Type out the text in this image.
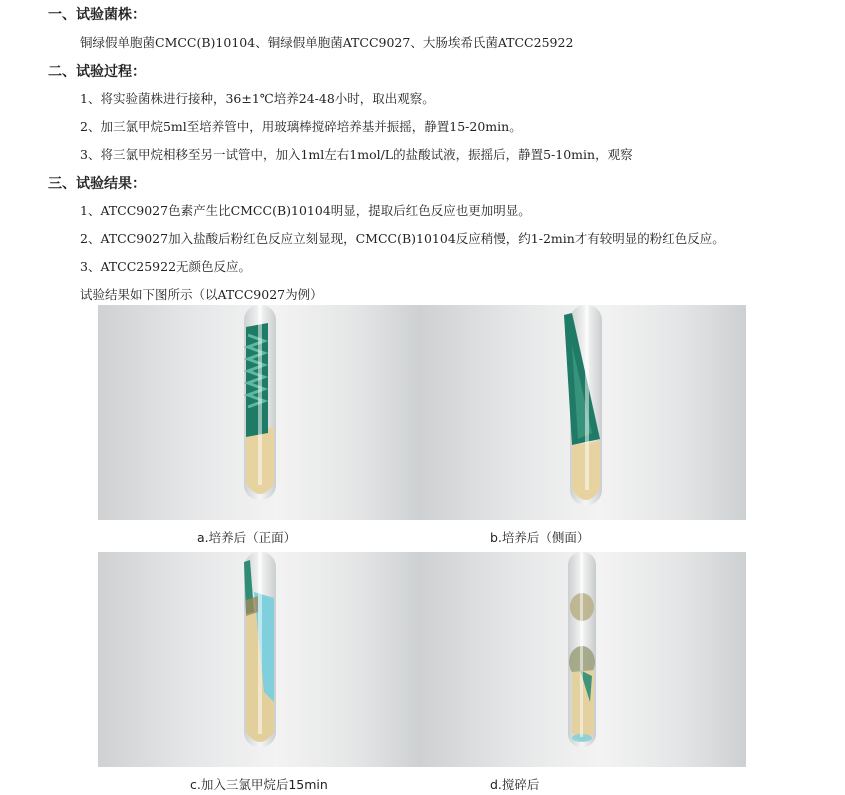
一、试验菌株：
铜绿假单胞菌CMCC(B)10104、铜绿假单胞菌ATCC9027、大肠埃希氏菌ATCC25922
二、试验过程：
1、将实验菌株进行接种，36±1℃培养24-48小时，取出观察。
2、加三氯甲烷5ml至培养管中，用玻璃棒搅碎培养基并振摇，静置15-20min。
3、将三氯甲烷相移至另一试管中，加入1ml左右1mol/L的盐酸试液，振摇后，静置5-10min，观察
三、试验结果：
1、ATCC9027色素产生比CMCC(B)10104明显，提取后红色反应也更加明显。
2、ATCC9027加入盐酸后粉红色反应立刻显现，CMCC(B)10104反应稍慢，约1-2min才有较明显的粉红色反应。
3、ATCC25922无颜色反应。
试验结果如下图所示（以ATCC9027为例）
a.培养后（正面）	b.培养后（侧面）
c.加入三氯甲烷后15min	d.搅碎后
